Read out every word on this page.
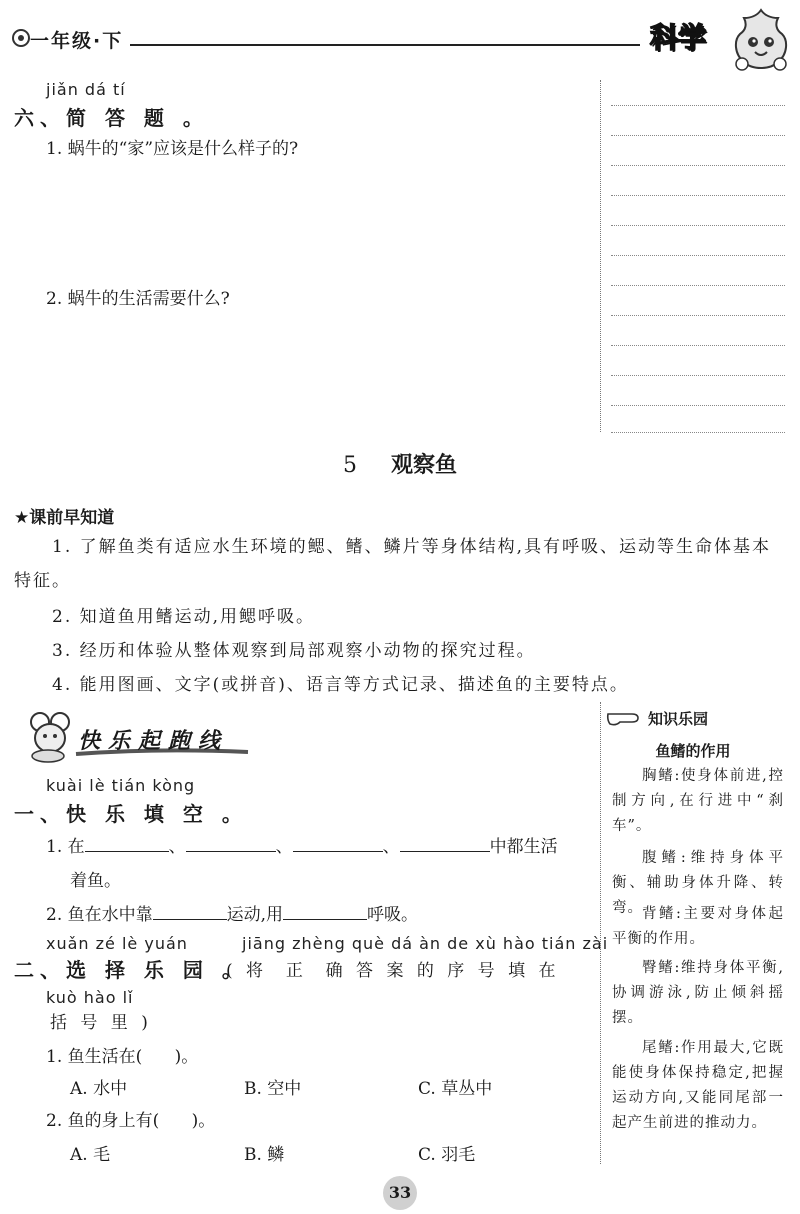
一年级·下	科学
jiǎn dá tí
六、简 答 题 。
1. 蜗牛的“家”应该是什么样子的?
2. 蜗牛的生活需要什么?
5 观察鱼
★课前早知道
1. 了解鱼类有适应水生环境的鳃、鳍、鳞片等身体结构,具有呼吸、运动等生命体基本特征。
2. 知道鱼用鳍运动,用鳃呼吸。
3. 经历和体验从整体观察到局部观察小动物的探究过程。
4. 能用图画、文字(或拼音)、语言等方式记录、描述鱼的主要特点。
快乐起跑线
kuài lè tián kòng
一、快 乐 填 空 。
1. 在	、	、	、	中都生活
着鱼。
2. 鱼在水中靠	运动,用	呼吸。
xuǎn zé lè yuán	jiāng zhèng què dá àn de xù hào tián zài
二、选 择 乐 园 。
( 将  正  确 答 案 的 序 号 填 在
kuò hào lǐ
括 号 里 )
1. 鱼生活在(      )。
A. 水中	B. 空中	C. 草丛中
2. 鱼的身上有(      )。
A. 毛	B. 鳞	C. 羽毛
知识乐园
鱼鳍的作用
胸鳍:使身体前进,控制方向,在行进中“刹车”。
腹鳍:维持身体平衡、辅助身体升降、转弯。 背鳍:主要对身体起平衡的作用。
臀鳍:维持身体平衡,协调游泳,防止倾斜摇摆。
尾鳍:作用最大,它既能使身体保持稳定,把握运动方向,又能同尾部一起产生前进的推动力。
33
